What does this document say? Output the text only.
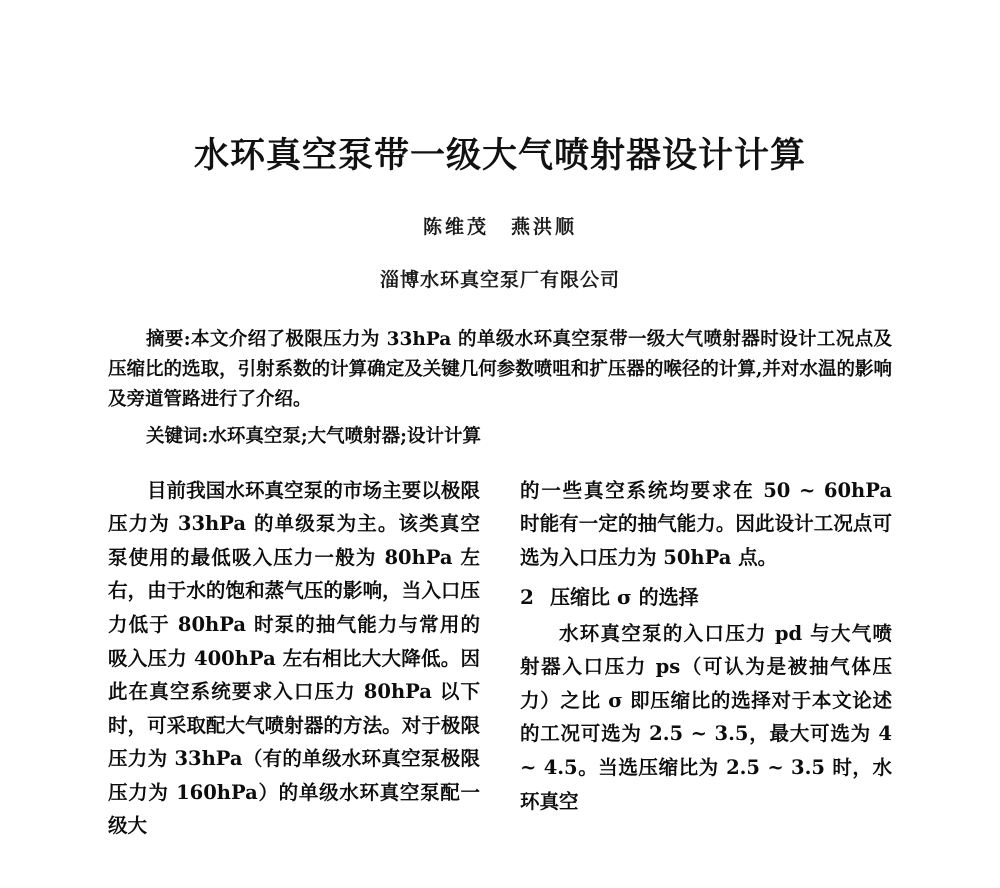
水环真空泵带一级大气喷射器设计计算
陈维茂　燕洪顺
淄博水环真空泵厂有限公司
摘要:本文介绍了极限压力为 33hPa 的单级水环真空泵带一级大气喷射器时设计工况点及压缩比的选取，引射系数的计算确定及关键几何参数喷咀和扩压器的喉径的计算,并对水温的影响及旁道管路进行了介绍。
关键词:水环真空泵;大气喷射器;设计计算

目前我国水环真空泵的市场主要以极限压力为 33hPa 的单级泵为主。该类真空泵使用的最低吸入压力一般为 80hPa 左右，由于水的饱和蒸气压的影响，当入口压力低于 80hPa 时泵的抽气能力与常用的吸入压力 400hPa 左右相比大大降低。因此在真空系统要求入口压力 80hPa 以下时，可采取配大气喷射器的方法。对于极限压力为 33hPa（有的单级水环真空泵极限压力为 160hPa）的单级水环真空泵配一级大

的一些真空系统均要求在 50 ~ 60hPa 时能有一定的抽气能力。因此设计工况点可选为入口压力为 50hPa 点。

2 压缩比 σ 的选择

水环真空泵的入口压力 pd 与大气喷射器入口压力 ps（可认为是被抽气体压力）之比 σ 即压缩比的选择对于本文论述的工况可选为 2.5 ~ 3.5，最大可选为 4 ~ 4.5。当选压缩比为 2.5 ~ 3.5 时，水环真空
